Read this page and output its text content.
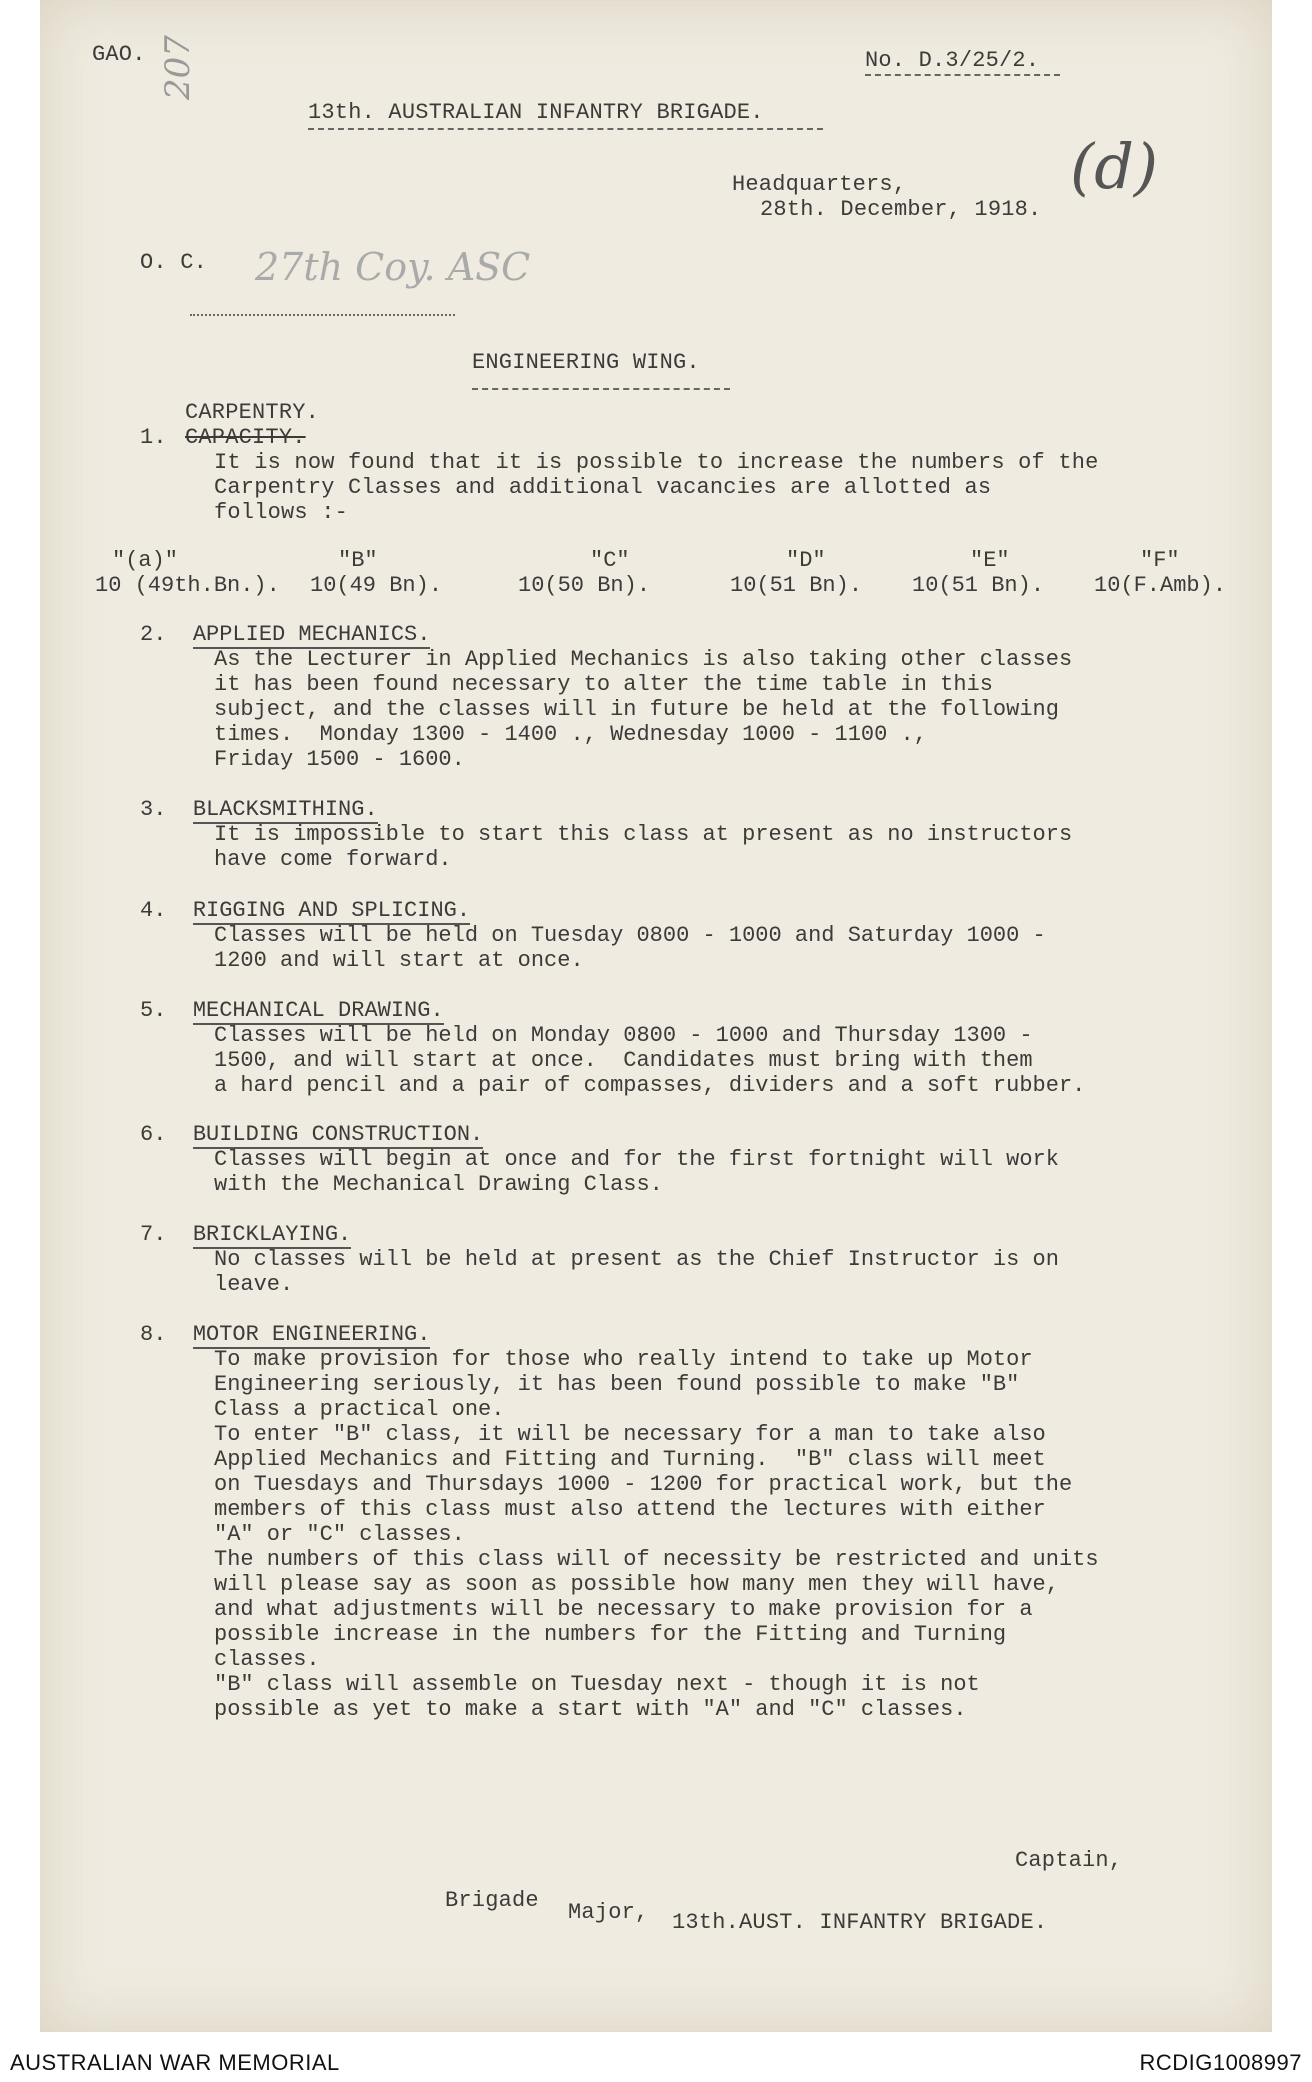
GAO.	No. D.3/25/2.
207
13th. AUSTRALIAN INFANTRY BRIGADE.
(d)
Headquarters,
28th. December, 1918.
O. C. 27th Coy. ASC
ENGINEERING WING.
CARPENTRY.
1. CAPACITY.
It is now found that it is possible to increase the numbers of the
Carpentry Classes and additional vacancies are allotted as
follows :-
"(a)"
10 (49th.Bn.).
"B"
10(49 Bn).
"C"
10(50 Bn).
"D"
10(51 Bn).
"E"
10(51 Bn).
"F"
10(F.Amb).
2. APPLIED MECHANICS.
As the Lecturer in Applied Mechanics is also taking other classes
it has been found necessary to alter the time table in this
subject, and the classes will in future be held at the following
times.  Monday 1300 - 1400 ., Wednesday 1000 - 1100 .,
Friday 1500 - 1600.
3. BLACKSMITHING.
It is impossible to start this class at present as no instructors
have come forward.
4. RIGGING AND SPLICING.
Classes will be held on Tuesday 0800 - 1000 and Saturday 1000 -
1200 and will start at once.
5. MECHANICAL DRAWING.
Classes will be held on Monday 0800 - 1000 and Thursday 1300 -
1500, and will start at once.  Candidates must bring with them
a hard pencil and a pair of compasses, dividers and a soft rubber.
6. BUILDING CONSTRUCTION.
Classes will begin at once and for the first fortnight will work
with the Mechanical Drawing Class.
7. BRICKLAYING.
No classes will be held at present as the Chief Instructor is on
leave.
8. MOTOR ENGINEERING.
To make provision for those who really intend to take up Motor
Engineering seriously, it has been found possible to make "B"
Class a practical one.
To enter "B" class, it will be necessary for a man to take also
Applied Mechanics and Fitting and Turning.  "B" class will meet
on Tuesdays and Thursdays 1000 - 1200 for practical work, but the
members of this class must also attend the lectures with either
"A" or "C" classes.
The numbers of this class will of necessity be restricted and units
will please say as soon as possible how many men they will have,
and what adjustments will be necessary to make provision for a
possible increase in the numbers for the Fitting and Turning
classes.
"B" class will assemble on Tuesday next - though it is not
possible as yet to make a start with "A" and "C" classes.
Captain,
Brigade Major, 13th.AUST. INFANTRY BRIGADE.
AUSTRALIAN WAR MEMORIAL	RCDIG1008997
